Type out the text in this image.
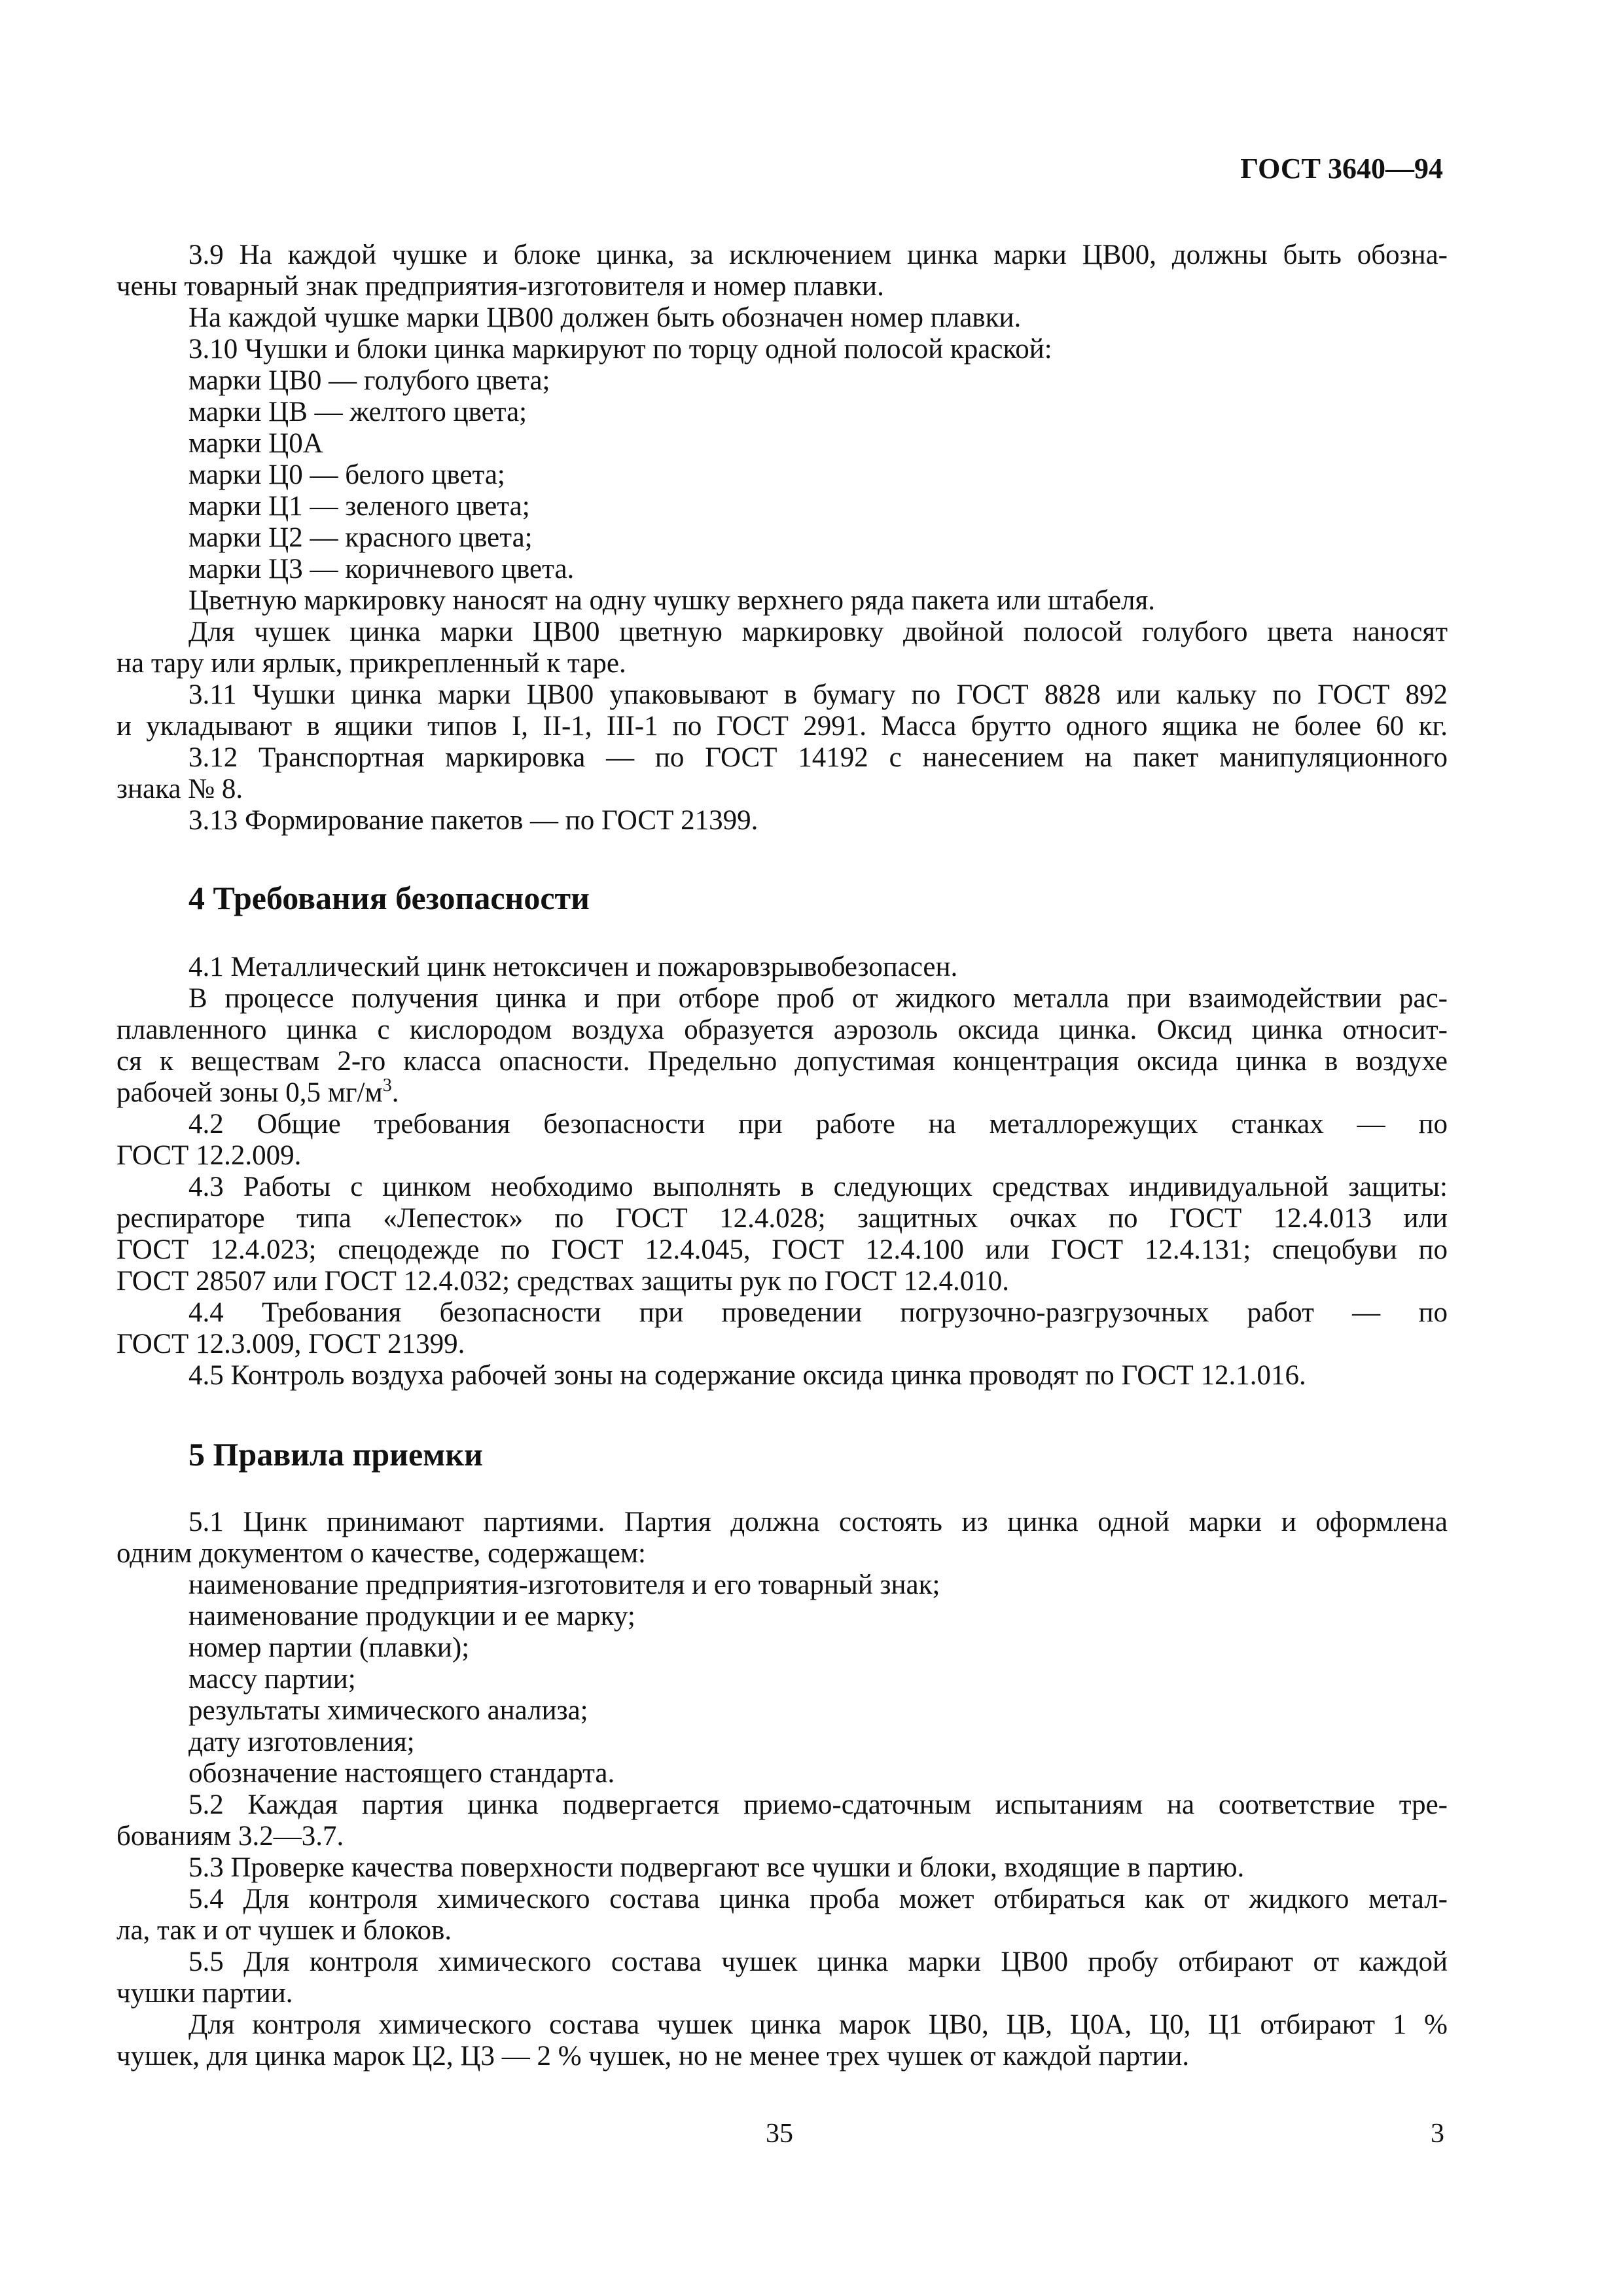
ГОСТ 3640—94
3.9 На каждой чушке и блоке цинка, за исключением цинка марки ЦВ00, должны быть обозна-
чены товарный знак предприятия-изготовителя и номер плавки.
На каждой чушке марки ЦВ00 должен быть обозначен номер плавки.
3.10 Чушки и блоки цинка маркируют по торцу одной полосой краской:
марки ЦВ0 — голубого цвета;
марки ЦВ — желтого цвета;
марки Ц0А
марки Ц0 — белого цвета;
марки Ц1 — зеленого цвета;
марки Ц2 — красного цвета;
марки Ц3 — коричневого цвета.
Цветную маркировку наносят на одну чушку верхнего ряда пакета или штабеля.
Для чушек цинка марки ЦВ00 цветную маркировку двойной полосой голубого цвета наносят
на тару или ярлык, прикрепленный к таре.
3.11 Чушки цинка марки ЦВ00 упаковывают в бумагу по ГОСТ 8828 или кальку по ГОСТ 892
и укладывают в ящики типов I, II-1, III-1 по ГОСТ 2991. Масса брутто одного ящика не более 60 кг.
3.12 Транспортная маркировка — по ГОСТ 14192 с нанесением на пакет манипуляционного
знака № 8.
3.13 Формирование пакетов — по ГОСТ 21399.
4 Требования безопасности
4.1 Металлический цинк нетоксичен и пожаровзрывобезопасен.
В процессе получения цинка и при отборе проб от жидкого металла при взаимодействии рас-
плавленного цинка с кислородом воздуха образуется аэрозоль оксида цинка. Оксид цинка относит-
ся к веществам 2-го класса опасности. Предельно допустимая концентрация оксида цинка в воздухе
рабочей зоны 0,5 $мг/м^3$.
4.2 Общие требования безопасности при работе на металлорежущих станках — по
ГОСТ 12.2.009.
4.3 Работы с цинком необходимо выполнять в следующих средствах индивидуальной защиты:
респираторе типа «Лепесток» по ГОСТ 12.4.028; защитных очках по ГОСТ 12.4.013 или
ГОСТ 12.4.023; спецодежде по ГОСТ 12.4.045, ГОСТ 12.4.100 или ГОСТ 12.4.131; спецобуви по
ГОСТ 28507 или ГОСТ 12.4.032; средствах защиты рук по ГОСТ 12.4.010.
4.4 Требования безопасности при проведении погрузочно-разгрузочных работ — по
ГОСТ 12.3.009, ГОСТ 21399.
4.5 Контроль воздуха рабочей зоны на содержание оксида цинка проводят по ГОСТ 12.1.016.
5 Правила приемки
5.1 Цинк принимают партиями. Партия должна состоять из цинка одной марки и оформлена
одним документом о качестве, содержащем:
наименование предприятия-изготовителя и его товарный знак;
наименование продукции и ее марку;
номер партии (плавки);
массу партии;
результаты химического анализа;
дату изготовления;
обозначение настоящего стандарта.
5.2 Каждая партия цинка подвергается приемо-сдаточным испытаниям на соответствие тре-
бованиям 3.2—3.7.
5.3 Проверке качества поверхности подвергают все чушки и блоки, входящие в партию.
5.4 Для контроля химического состава цинка проба может отбираться как от жидкого метал-
ла, так и от чушек и блоков.
5.5 Для контроля химического состава чушек цинка марки ЦВ00 пробу отбирают от каждой
чушки партии.
Для контроля химического состава чушек цинка марок ЦВ0, ЦВ, Ц0А, Ц0, Ц1 отбирают 1 %
чушек, для цинка марок Ц2, Ц3 — 2 % чушек, но не менее трех чушек от каждой партии.
35	3
